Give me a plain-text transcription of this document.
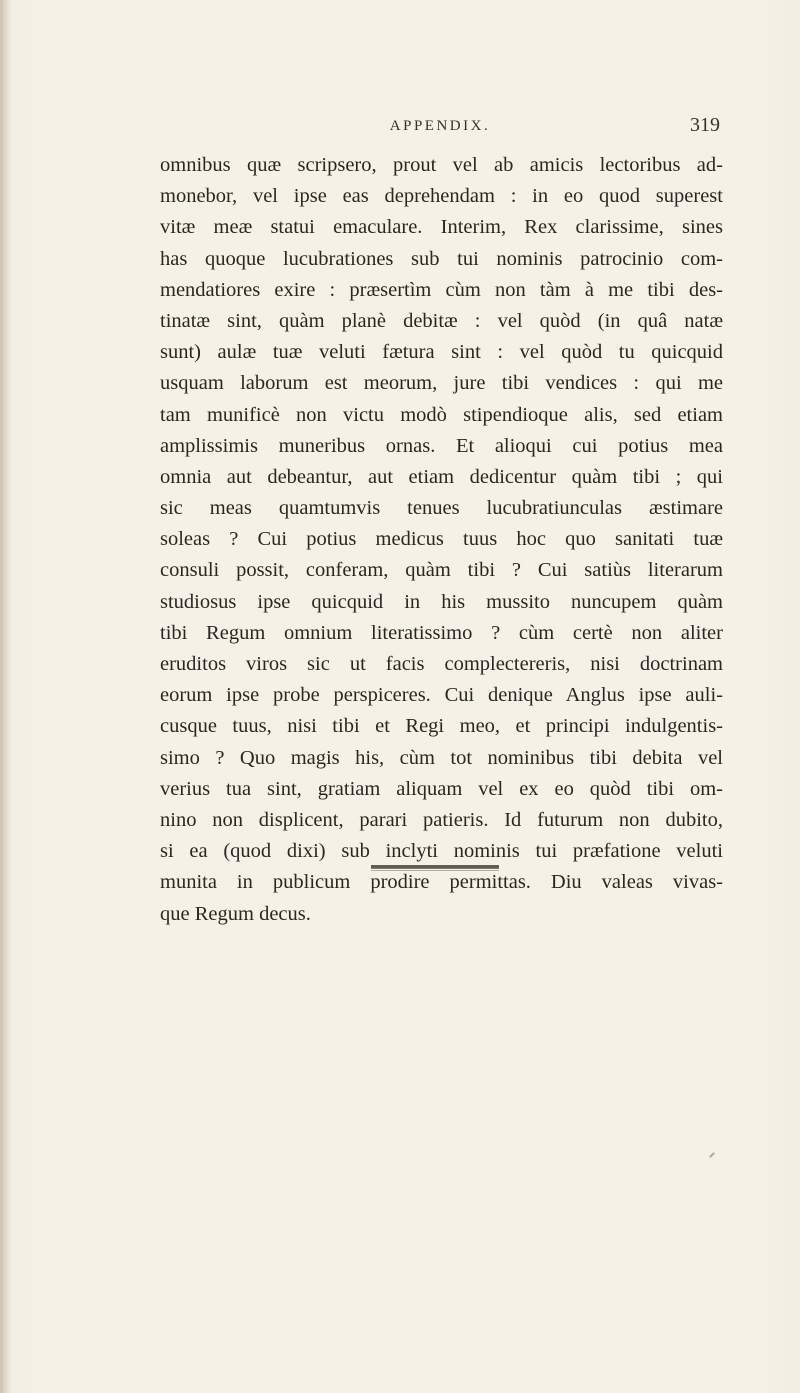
APPENDIX.	319
omnibus quæ scripsero, prout vel ab amicis lectoribus ad-
monebor, vel ipse eas deprehendam : in eo quod superest
vitæ meæ statui emaculare. Interim, Rex clarissime, sines
has quoque lucubrationes sub tui nominis patrocinio com-
mendatiores exire : præsertìm cùm non tàm à me tibi des-
tinatæ sint, quàm planè debitæ : vel quòd (in quâ natæ
sunt) aulæ tuæ veluti fætura sint : vel quòd tu quicquid
usquam laborum est meorum, jure tibi vendices : qui me
tam munificè non victu modò stipendioque alis, sed etiam
amplissimis muneribus ornas. Et alioqui cui potius mea
omnia aut debeantur, aut etiam dedicentur quàm tibi ; qui
sic meas quamtumvis tenues lucubratiunculas æstimare
soleas ? Cui potius medicus tuus hoc quo sanitati tuæ
consuli possit, conferam, quàm tibi ? Cui satiùs literarum
studiosus ipse quicquid in his mussito nuncupem quàm
tibi Regum omnium literatissimo ? cùm certè non aliter
eruditos viros sic ut facis complectereris, nisi doctrinam
eorum ipse probe perspiceres. Cui denique Anglus ipse auli-
cusque tuus, nisi tibi et Regi meo, et principi indulgentis-
simo ? Quo magis his, cùm tot nominibus tibi debita vel
verius tua sint, gratiam aliquam vel ex eo quòd tibi om-
nino non displicent, parari patieris. Id futurum non dubito,
si ea (quod dixi) sub inclyti nominis tui præfatione veluti
munita in publicum prodire permittas. Diu valeas vivas-
que Regum decus.
